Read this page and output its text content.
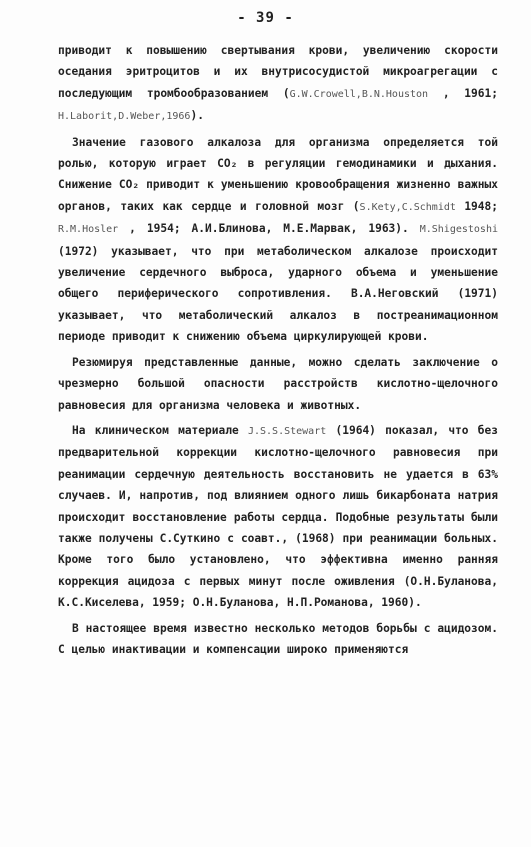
- 39 -

приводит к повышению свертывания крови, увеличению скорости оседания эритроцитов и их внутрисосудистой микроагрегации с последующим тромбообразованием (G.W.Crowell,B.N.Houston , 1961; H.Laborit,D.Weber,1966).

Значение газового алкалоза для организма определяется той ролью, которую играет CO₂ в регуляции гемодинамики и дыхания. Снижение CO₂ приводит к уменьшению кровообращения жизненно важных органов, таких как сердце и головной мозг (S.Kety,C.Schmidt 1948; R.M.Hosler , 1954; А.И.Блинова, М.Е.Марвак, 1963). M.Shigestoshi (1972) указывает, что при метаболическом алкалозе происходит увеличение сердечного выброса, ударного объема и уменьшение общего периферического сопротивления. В.А.Неговский (1971) указывает, что метаболический алкалоз в постреанимационном периоде приводит к снижению объема циркулирующей крови.

Резюмируя представленные данные, можно сделать заключение о чрезмерно большой опасности расстройств кислотно-щелочного равновесия для организма человека и животных.

На клиническом материале J.S.S.Stewart (1964) показал, что без предварительной коррекции кислотно-щелочного равновесия при реанимации сердечную деятельность восстановить не удается в 63% случаев. И, напротив, под влиянием одного лишь бикарбоната натрия происходит восстановление работы сердца. Подобные результаты были также получены С.Суткино с соавт., (1968) при реанимации больных. Кроме того было установлено, что эффективна именно ранняя коррекция ацидоза с первых минут после оживления (О.Н.Буланова, К.С.Киселева, 1959; О.Н.Буланова, Н.П.Романова, 1960).

В настоящее время известно несколько методов борьбы с ацидозом. С целью инактивации и компенсации широко применяются
